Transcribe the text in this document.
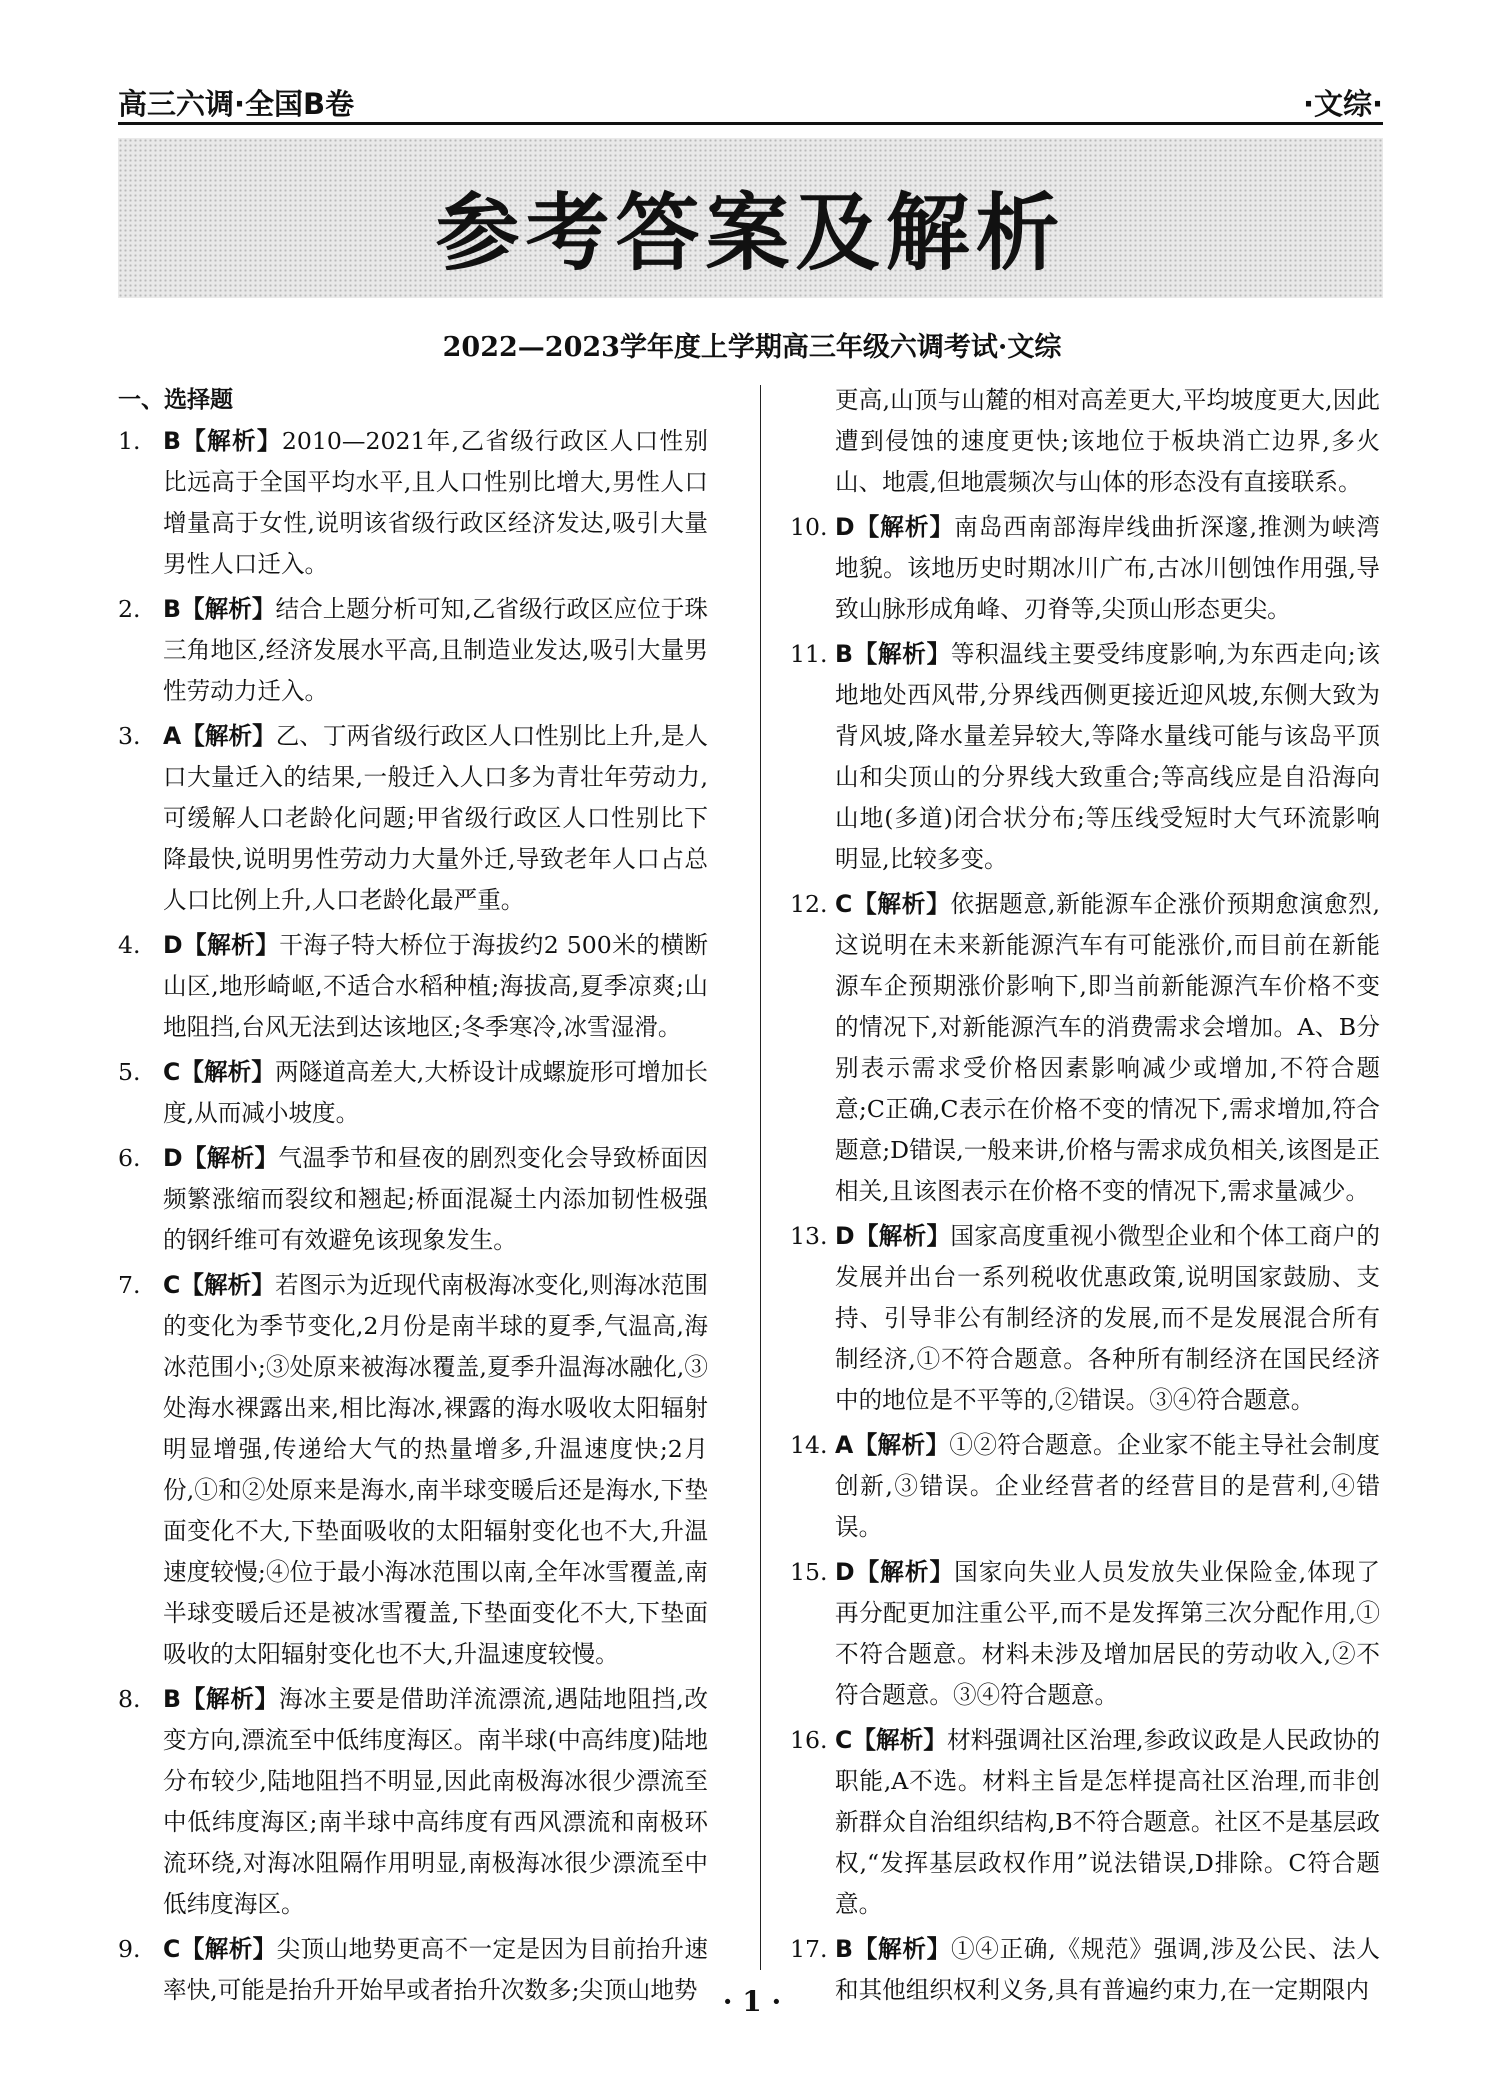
高三六调·全国B卷	·文综·
参考答案及解析
2022—2023学年度上学期高三年级六调考试·文综
一、选择题
1. B【解析】2010—2021年,乙省级行政区人口性别比远高于全国平均水平,且人口性别比增大,男性人口增量高于女性,说明该省级行政区经济发达,吸引大量男性人口迁入。
2. B【解析】结合上题分析可知,乙省级行政区应位于珠三角地区,经济发展水平高,且制造业发达,吸引大量男性劳动力迁入。
3. A【解析】乙、丁两省级行政区人口性别比上升,是人口大量迁入的结果,一般迁入人口多为青壮年劳动力,可缓解人口老龄化问题;甲省级行政区人口性别比下降最快,说明男性劳动力大量外迁,导致老年人口占总人口比例上升,人口老龄化最严重。
4. D【解析】干海子特大桥位于海拔约2 500米的横断山区,地形崎岖,不适合水稻种植;海拔高,夏季凉爽;山地阻挡,台风无法到达该地区;冬季寒冷,冰雪湿滑。
5. C【解析】两隧道高差大,大桥设计成螺旋形可增加长度,从而减小坡度。
6. D【解析】气温季节和昼夜的剧烈变化会导致桥面因频繁涨缩而裂纹和翘起;桥面混凝土内添加韧性极强的钢纤维可有效避免该现象发生。
7. C【解析】若图示为近现代南极海冰变化,则海冰范围的变化为季节变化,2月份是南半球的夏季,气温高,海冰范围小;③处原来被海冰覆盖,夏季升温海冰融化,③处海水裸露出来,相比海冰,裸露的海水吸收太阳辐射明显增强,传递给大气的热量增多,升温速度快;2月份,①和②处原来是海水,南半球变暖后还是海水,下垫面变化不大,下垫面吸收的太阳辐射变化也不大,升温速度较慢;④位于最小海冰范围以南,全年冰雪覆盖,南半球变暖后还是被冰雪覆盖,下垫面变化不大,下垫面吸收的太阳辐射变化也不大,升温速度较慢。
8. B【解析】海冰主要是借助洋流漂流,遇陆地阻挡,改变方向,漂流至中低纬度海区。南半球(中高纬度)陆地分布较少,陆地阻挡不明显,因此南极海冰很少漂流至中低纬度海区;南半球中高纬度有西风漂流和南极环流环绕,对海冰阻隔作用明显,南极海冰很少漂流至中低纬度海区。
9. C【解析】尖顶山地势更高不一定是因为目前抬升速率快,可能是抬升开始早或者抬升次数多;尖顶山地势
更高,山顶与山麓的相对高差更大,平均坡度更大,因此遭到侵蚀的速度更快;该地位于板块消亡边界,多火山、地震,但地震频次与山体的形态没有直接联系。
10. D【解析】南岛西南部海岸线曲折深邃,推测为峡湾地貌。该地历史时期冰川广布,古冰川刨蚀作用强,导致山脉形成角峰、刃脊等,尖顶山形态更尖。
11. B【解析】等积温线主要受纬度影响,为东西走向;该地地处西风带,分界线西侧更接近迎风坡,东侧大致为背风坡,降水量差异较大,等降水量线可能与该岛平顶山和尖顶山的分界线大致重合;等高线应是自沿海向山地(多道)闭合状分布;等压线受短时大气环流影响明显,比较多变。
12. C【解析】依据题意,新能源车企涨价预期愈演愈烈,这说明在未来新能源汽车有可能涨价,而目前在新能源车企预期涨价影响下,即当前新能源汽车价格不变的情况下,对新能源汽车的消费需求会增加。A、B分别表示需求受价格因素影响减少或增加,不符合题意;C正确,C表示在价格不变的情况下,需求增加,符合题意;D错误,一般来讲,价格与需求成负相关,该图是正相关,且该图表示在价格不变的情况下,需求量减少。
13. D【解析】国家高度重视小微型企业和个体工商户的发展并出台一系列税收优惠政策,说明国家鼓励、支持、引导非公有制经济的发展,而不是发展混合所有制经济,①不符合题意。各种所有制经济在国民经济中的地位是不平等的,②错误。③④符合题意。
14. A【解析】①②符合题意。企业家不能主导社会制度创新,③错误。企业经营者的经营目的是营利,④错误。
15. D【解析】国家向失业人员发放失业保险金,体现了再分配更加注重公平,而不是发挥第三次分配作用,①不符合题意。材料未涉及增加居民的劳动收入,②不符合题意。③④符合题意。
16. C【解析】材料强调社区治理,参政议政是人民政协的职能,A不选。材料主旨是怎样提高社区治理,而非创新群众自治组织结构,B不符合题意。社区不是基层政权,“发挥基层政权作用”说法错误,D排除。C符合题意。
17. B【解析】①④正确,《规范》强调,涉及公民、法人和其他组织权利义务,具有普遍约束力,在一定期限内
· 1 ·
